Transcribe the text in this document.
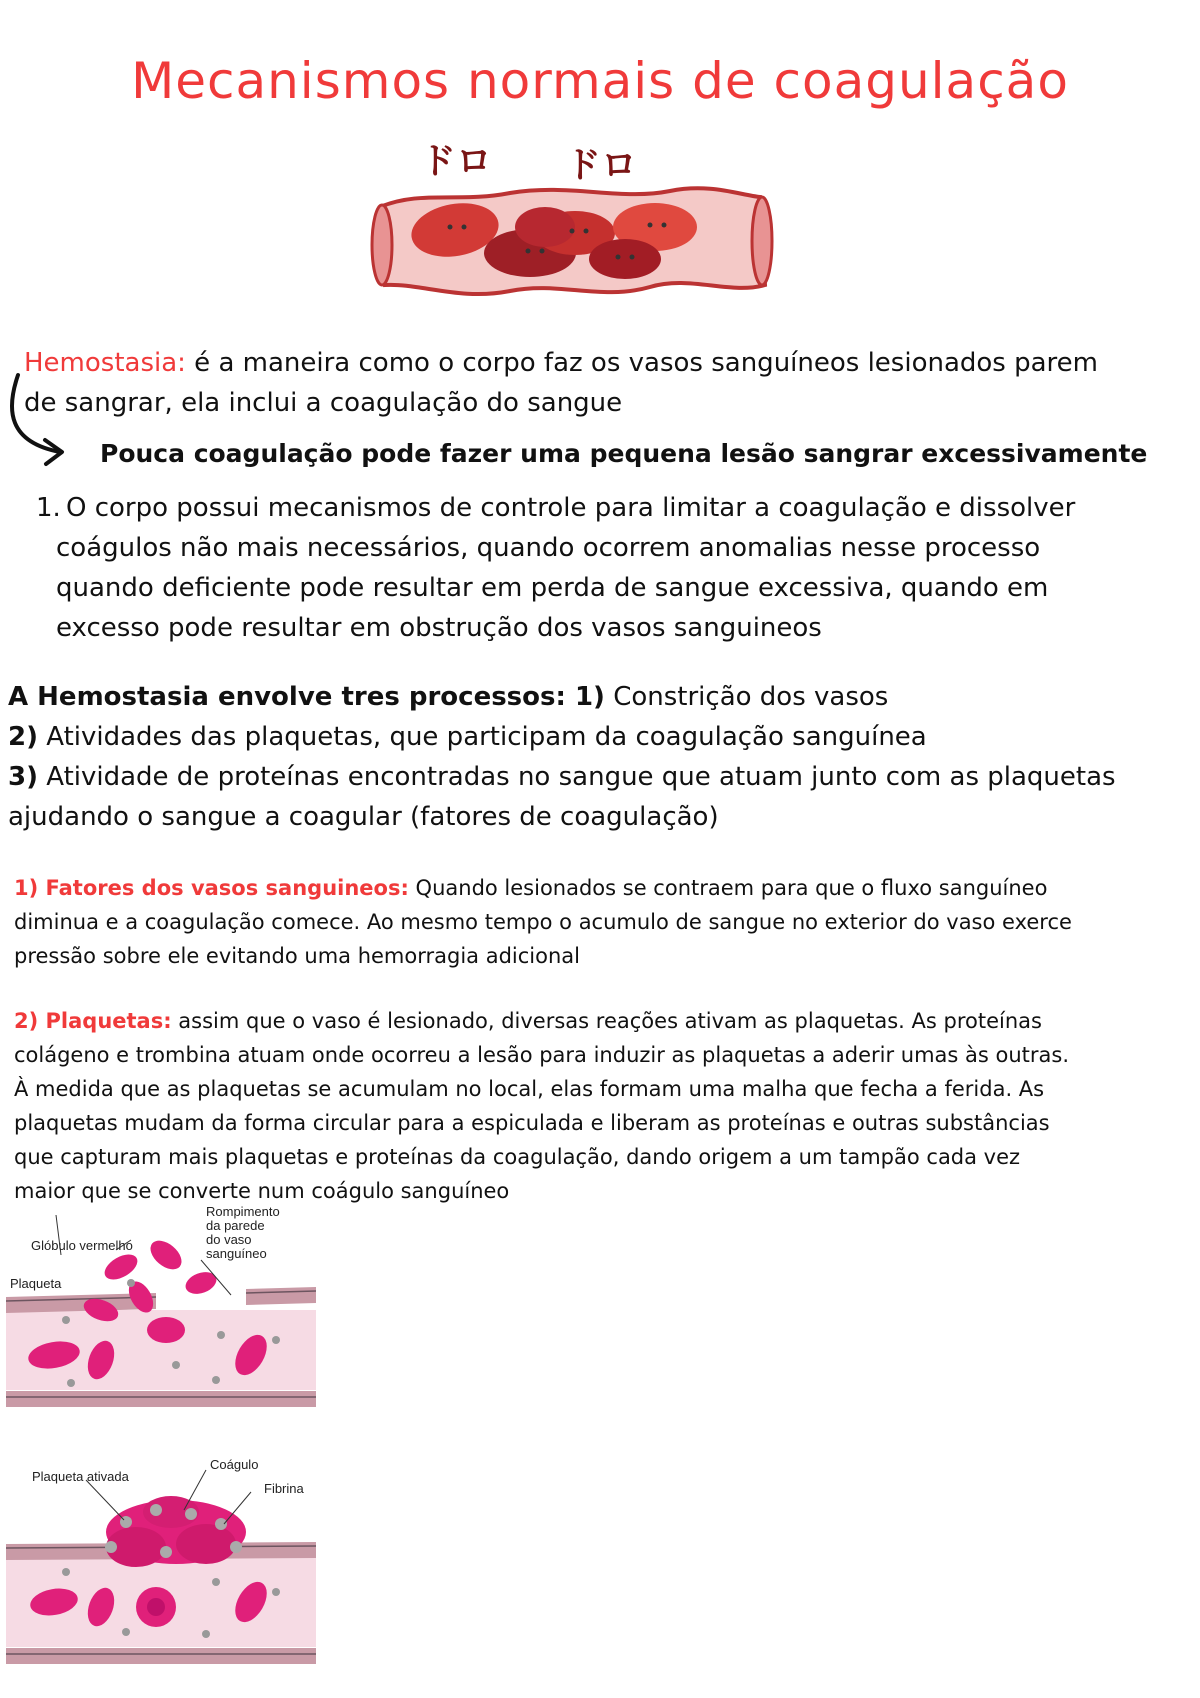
Mecanismos normais de coagulação
ドロ ドロ
Hemostasia: é a maneira como o corpo faz os vasos sanguíneos lesionados parem
de sangrar, ela inclui a coagulação do sangue
Pouca coagulação pode fazer uma pequena lesão sangrar excessivamente
1. O corpo possui mecanismos de controle para limitar a coagulação e dissolver
coágulos não mais necessários, quando ocorrem anomalias nesse processo
quando deficiente pode resultar em perda de sangue excessiva, quando em
excesso pode resultar em obstrução dos vasos sanguineos
A Hemostasia envolve tres processos: 1) Constrição dos vasos
2) Atividades das plaquetas, que participam da coagulação sanguínea
3) Atividade de proteínas encontradas no sangue que atuam junto com as plaquetas
ajudando o sangue a coagular (fatores de coagulação)
1) Fatores dos vasos sanguineos: Quando lesionados se contraem para que o fluxo sanguíneo
diminua e a coagulação comece. Ao mesmo tempo o acumulo de sangue no exterior do vaso exerce
pressão sobre ele evitando uma hemorragia adicional
2) Plaquetas: assim que o vaso é lesionado, diversas reações ativam as plaquetas. As proteínas
colágeno e trombina atuam onde ocorreu a lesão para induzir as plaquetas a aderir umas às outras.
À medida que as plaquetas se acumulam no local, elas formam uma malha que fecha a ferida. As
plaquetas mudam da forma circular para a espiculada e liberam as proteínas e outras substâncias
que capturam mais plaquetas e proteínas da coagulação, dando origem a um tampão cada vez
maior que se converte num coágulo sanguíneo
Glóbulo vermelho
Plaqueta
Rompimento
da parede
do vaso
sanguíneo
Plaqueta ativada
Coágulo
Fibrina
